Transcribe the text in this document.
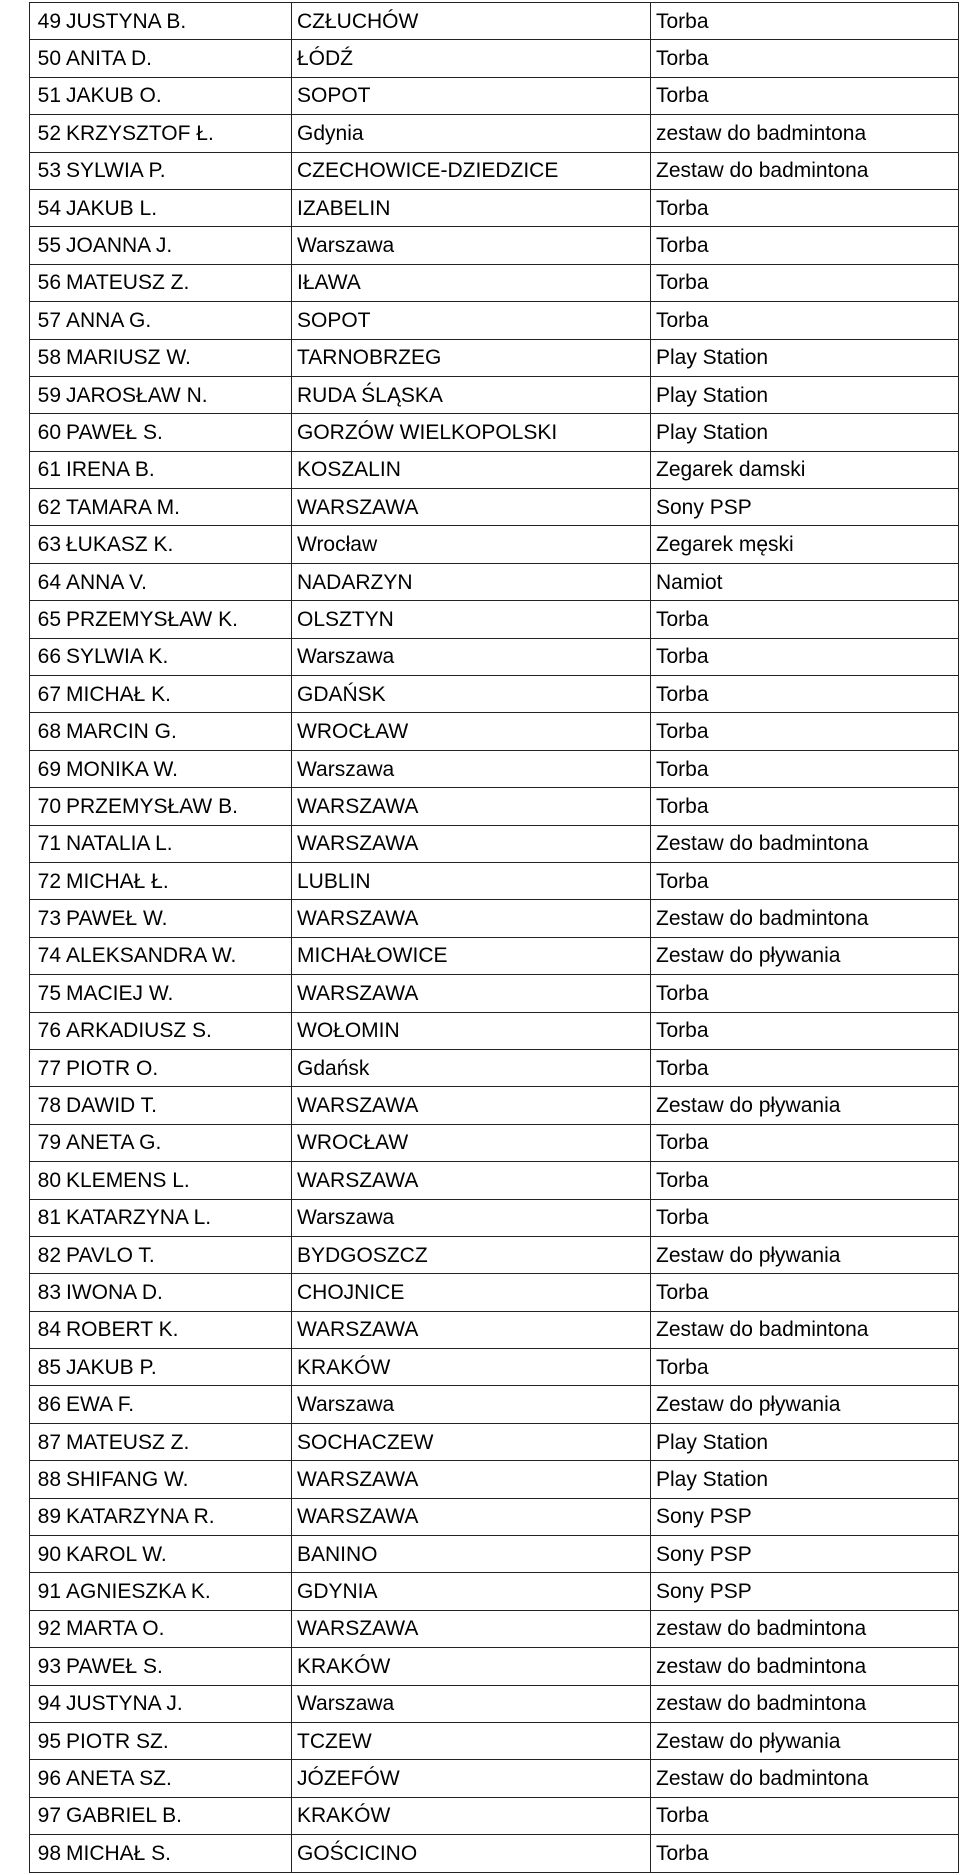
49	JUSTYNA B.	CZŁUCHÓW	Torba
50	ANITA D.	ŁÓDŹ	Torba
51	JAKUB O.	SOPOT	Torba
52	KRZYSZTOF Ł.	Gdynia	zestaw do badmintona
53	SYLWIA P.	CZECHOWICE-DZIEDZICE	Zestaw do badmintona
54	JAKUB L.	IZABELIN	Torba
55	JOANNA J.	Warszawa	Torba
56	MATEUSZ Z.	IŁAWA	Torba
57	ANNA G.	SOPOT	Torba
58	MARIUSZ W.	TARNOBRZEG	Play Station
59	JAROSŁAW N.	RUDA ŚLĄSKA	Play Station
60	PAWEŁ S.	GORZÓW WIELKOPOLSKI	Play Station
61	IRENA B.	KOSZALIN	Zegarek damski
62	TAMARA M.	WARSZAWA	Sony PSP
63	ŁUKASZ K.	Wrocław	Zegarek męski
64	ANNA V.	NADARZYN	Namiot
65	PRZEMYSŁAW K.	OLSZTYN	Torba
66	SYLWIA K.	Warszawa	Torba
67	MICHAŁ K.	GDAŃSK	Torba
68	MARCIN G.	WROCŁAW	Torba
69	MONIKA W.	Warszawa	Torba
70	PRZEMYSŁAW B.	WARSZAWA	Torba
71	NATALIA L.	WARSZAWA	Zestaw do badmintona
72	MICHAŁ Ł.	LUBLIN	Torba
73	PAWEŁ W.	WARSZAWA	Zestaw do badmintona
74	ALEKSANDRA W.	MICHAŁOWICE	Zestaw do pływania
75	MACIEJ W.	WARSZAWA	Torba
76	ARKADIUSZ S.	WOŁOMIN	Torba
77	PIOTR O.	Gdańsk	Torba
78	DAWID T.	WARSZAWA	Zestaw do pływania
79	ANETA G.	WROCŁAW	Torba
80	KLEMENS L.	WARSZAWA	Torba
81	KATARZYNA L.	Warszawa	Torba
82	PAVLO T.	BYDGOSZCZ	Zestaw do pływania
83	IWONA D.	CHOJNICE	Torba
84	ROBERT K.	WARSZAWA	Zestaw do badmintona
85	JAKUB P.	KRAKÓW	Torba
86	EWA F.	Warszawa	Zestaw do pływania
87	MATEUSZ Z.	SOCHACZEW	Play Station
88	SHIFANG W.	WARSZAWA	Play Station
89	KATARZYNA R.	WARSZAWA	Sony PSP
90	KAROL W.	BANINO	Sony PSP
91	AGNIESZKA K.	GDYNIA	Sony PSP
92	MARTA O.	WARSZAWA	zestaw do badmintona
93	PAWEŁ S.	KRAKÓW	zestaw do badmintona
94	JUSTYNA J.	Warszawa	zestaw do badmintona
95	PIOTR SZ.	TCZEW	Zestaw do pływania
96	ANETA SZ.	JÓZEFÓW	Zestaw do badmintona
97	GABRIEL B.	KRAKÓW	Torba
98	MICHAŁ S.	GOŚCICINO	Torba
